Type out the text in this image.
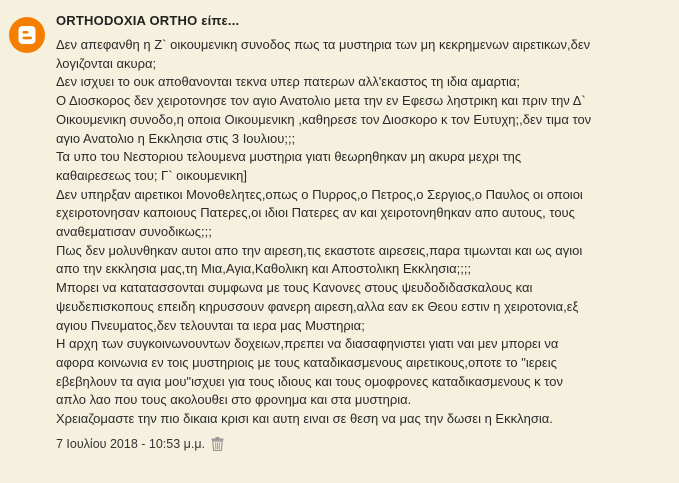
ORTHODOXIA ORTHO είπε...
Δεν απεφανθη η Ζ` οικουμενικη συνοδος πως τα μυστηρια των μη κεκρημενων αιρετικων,δεν
λογιζονται ακυρα;
Δεν ισχυει το ουκ αποθανονται τεκνα υπερ πατερων αλλ'εκαστος τη ιδια αμαρτια;
Ο Διοσκορος δεν χειροτονησε τον αγιο Ανατολιο μετα την εν Εφεσω ληστρικη και πριν την Δ`
Οικουμενικη συνοδο,η οποια Οικουμενικη ,καθηρεσε τον Διοσκορο κ τον Ευτυχη;,δεν τιμα τον
αγιο Ανατολιο η Εκκλησια στις 3 Ιουλιου;;;
Τα υπο του Νεστοριου τελουμενα μυστηρια γιατι θεωρηθηκαν μη ακυρα μεχρι της
καθαιρεσεως του; Γ` οικουμενικη]
Δεν υπηρξαν αιρετικοι Μονοθελητες,οπως ο Πυρρος,ο Πετρος,ο Σεργιος,ο Παυλος οι οποιοι
εχειροτονησαν καποιους Πατερες,οι ιδιοι Πατερες αν και χειροτονηθηκαν απο αυτους, τους
αναθεματισαν συνοδικως;;;
Πως δεν μολυνθηκαν αυτοι απο την αιρεση,τις εκαστοτε αιρεσεις,παρα τιμωνται και ως αγιοι
απο την εκκλησια μας,τη Μια,Αγια,Καθολικη και Αποστολικη Εκκλησια;;;;
Μπορει να κατατασσονται συμφωνα με τους Κανονες στους ψευδοδιδασκαλους και
ψευδεπισκοπους επειδη κηρυσσουν φανερη αιρεση,αλλα εαν εκ Θεου εστιν η χειροτονια,εξ
αγιου Πνευματος,δεν τελουνται τα ιερα μας Μυστηρια;
Η αρχη των συγκοινωνουντων δοχειων,πρεπει να διασαφηνιστει γιατι ναι μεν μπορει να
αφορα κοινωνια εν τοις μυστηριοις με τους καταδικασμενους αιρετικους,οποτε το "ιερεις
εβεβηλουν τα αγια μου"ισχυει για τους ιδιους και τους ομοφρονες καταδικασμενους κ τον
απλο λαο που τους ακολουθει στο φρονημα και στα μυστηρια.
Χρειαζομαστε την πιο δικαια κρισι και αυτη ειναι σε θεση να μας την δωσει η Εκκλησια.
7 Ιουλίου 2018 - 10:53 μ.μ.
